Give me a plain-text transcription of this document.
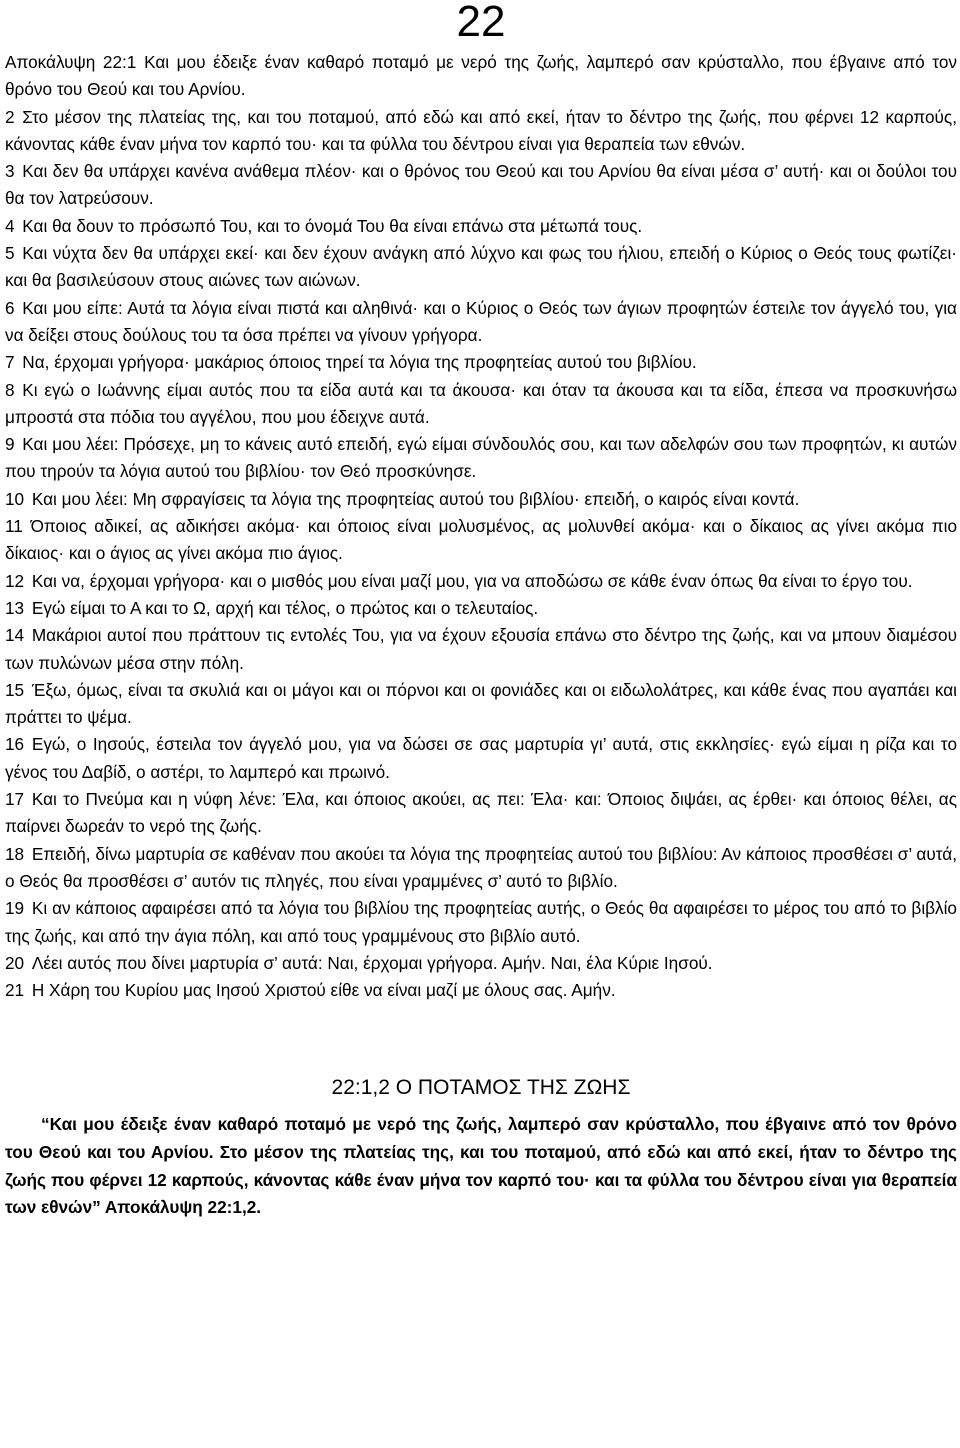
22

Αποκάλυψη 22:1 Και μου έδειξε έναν καθαρό ποταμό με νερό της ζωής, λαμπερό σαν κρύσταλλο, που έβγαινε από τον θρόνο του Θεού και του Αρνίου.

2 Στο μέσον της πλατείας της, και του ποταμού, από εδώ και από εκεί, ήταν το δέντρο της ζωής, που φέρνει 12 καρπούς, κάνοντας κάθε έναν μήνα τον καρπό του· και τα φύλλα του δέντρου είναι για θεραπεία των εθνών.

3 Και δεν θα υπάρχει κανένα ανάθεμα πλέον· και ο θρόνος του Θεού και του Αρνίου θα είναι μέσα σ’ αυτή· και οι δούλοι του θα τον λατρεύσουν.

4 Και θα δουν το πρόσωπό Του, και το όνομά Του θα είναι επάνω στα μέτωπά τους.

5 Και νύχτα δεν θα υπάρχει εκεί· και δεν έχουν ανάγκη από λύχνο και φως του ήλιου, επειδή ο Κύριος ο Θεός τους φωτίζει· και θα βασιλεύσουν στους αιώνες των αιώνων.

6 Και μου είπε: Αυτά τα λόγια είναι πιστά και αληθινά· και ο Κύριος ο Θεός των άγιων προφητών έστειλε τον άγγελό του, για να δείξει στους δούλους του τα όσα πρέπει να γίνουν γρήγορα.

7 Να, έρχομαι γρήγορα· μακάριος όποιος τηρεί τα λόγια της προφητείας αυτού του βιβλίου.

8 Κι εγώ ο Ιωάννης είμαι αυτός που τα είδα αυτά και τα άκουσα· και όταν τα άκουσα και τα είδα, έπεσα να προσκυνήσω μπροστά στα πόδια του αγγέλου, που μου έδειχνε αυτά.

9 Και μου λέει: Πρόσεχε, μη το κάνεις αυτό επειδή, εγώ είμαι σύνδουλός σου, και των αδελφών σου των προφητών, κι αυτών που τηρούν τα λόγια αυτού του βιβλίου· τον Θεό προσκύνησε.

10 Και μου λέει: Μη σφραγίσεις τα λόγια της προφητείας αυτού του βιβλίου· επειδή, ο καιρός είναι κοντά.

11 Όποιος αδικεί, ας αδικήσει ακόμα· και όποιος είναι μολυσμένος, ας μολυνθεί ακόμα· και ο δίκαιος ας γίνει ακόμα πιο δίκαιος· και ο άγιος ας γίνει ακόμα πιο άγιος.

12 Και να, έρχομαι γρήγορα· και ο μισθός μου είναι μαζί μου, για να αποδώσω σε κάθε έναν όπως θα είναι το έργο του.

13 Εγώ είμαι το Α και το Ω, αρχή και τέλος, ο πρώτος και ο τελευταίος.

14 Μακάριοι αυτοί που πράττουν τις εντολές Του, για να έχουν εξουσία επάνω στο δέντρο της ζωής, και να μπουν διαμέσου των πυλώνων μέσα στην πόλη.

15 Έξω, όμως, είναι τα σκυλιά και οι μάγοι και οι πόρνοι και οι φονιάδες και οι ειδωλολάτρες, και κάθε ένας που αγαπάει και πράττει το ψέμα.

16 Εγώ, ο Ιησούς, έστειλα τον άγγελό μου, για να δώσει σε σας μαρτυρία γι’ αυτά, στις εκκλησίες· εγώ είμαι η ρίζα και το γένος του Δαβίδ, ο αστέρι, το λαμπερό και πρωινό.

17 Και το Πνεύμα και η νύφη λένε: Έλα, και όποιος ακούει, ας πει: Έλα· και: Όποιος διψάει, ας έρθει· και όποιος θέλει, ας παίρνει δωρεάν το νερό της ζωής.

18 Επειδή, δίνω μαρτυρία σε καθέναν που ακούει τα λόγια της προφητείας αυτού του βιβλίου: Αν κάποιος προσθέσει σ’ αυτά, ο Θεός θα προσθέσει σ’ αυτόν τις πληγές, που είναι γραμμένες σ’ αυτό το βιβλίο.

19 Κι αν κάποιος αφαιρέσει από τα λόγια του βιβλίου της προφητείας αυτής, ο Θεός θα αφαιρέσει το μέρος του από το βιβλίο της ζωής, και από την άγια πόλη, και από τους γραμμένους στο βιβλίο αυτό.

20 Λέει αυτός που δίνει μαρτυρία σ’ αυτά: Ναι, έρχομαι γρήγορα. Αμήν. Ναι, έλα Κύριε Ιησού.

21 Η Χάρη του Κυρίου μας Ιησού Χριστού είθε να είναι μαζί με όλους σας. Αμήν.

22:1,2 Ο ΠΟΤΑΜΟΣ ΤΗΣ ΖΩΗΣ

“Και μου έδειξε έναν καθαρό ποταμό με νερό της ζωής, λαμπερό σαν κρύσταλλο, που έβγαινε από τον θρόνο του Θεού και του Αρνίου. Στο μέσον της πλατείας της, και του ποταμού, από εδώ και από εκεί, ήταν το δέντρο της ζωής που φέρνει 12 καρπούς, κάνοντας κάθε έναν μήνα τον καρπό του· και τα φύλλα του δέντρου είναι για θεραπεία των εθνών” Αποκάλυψη 22:1,2.
